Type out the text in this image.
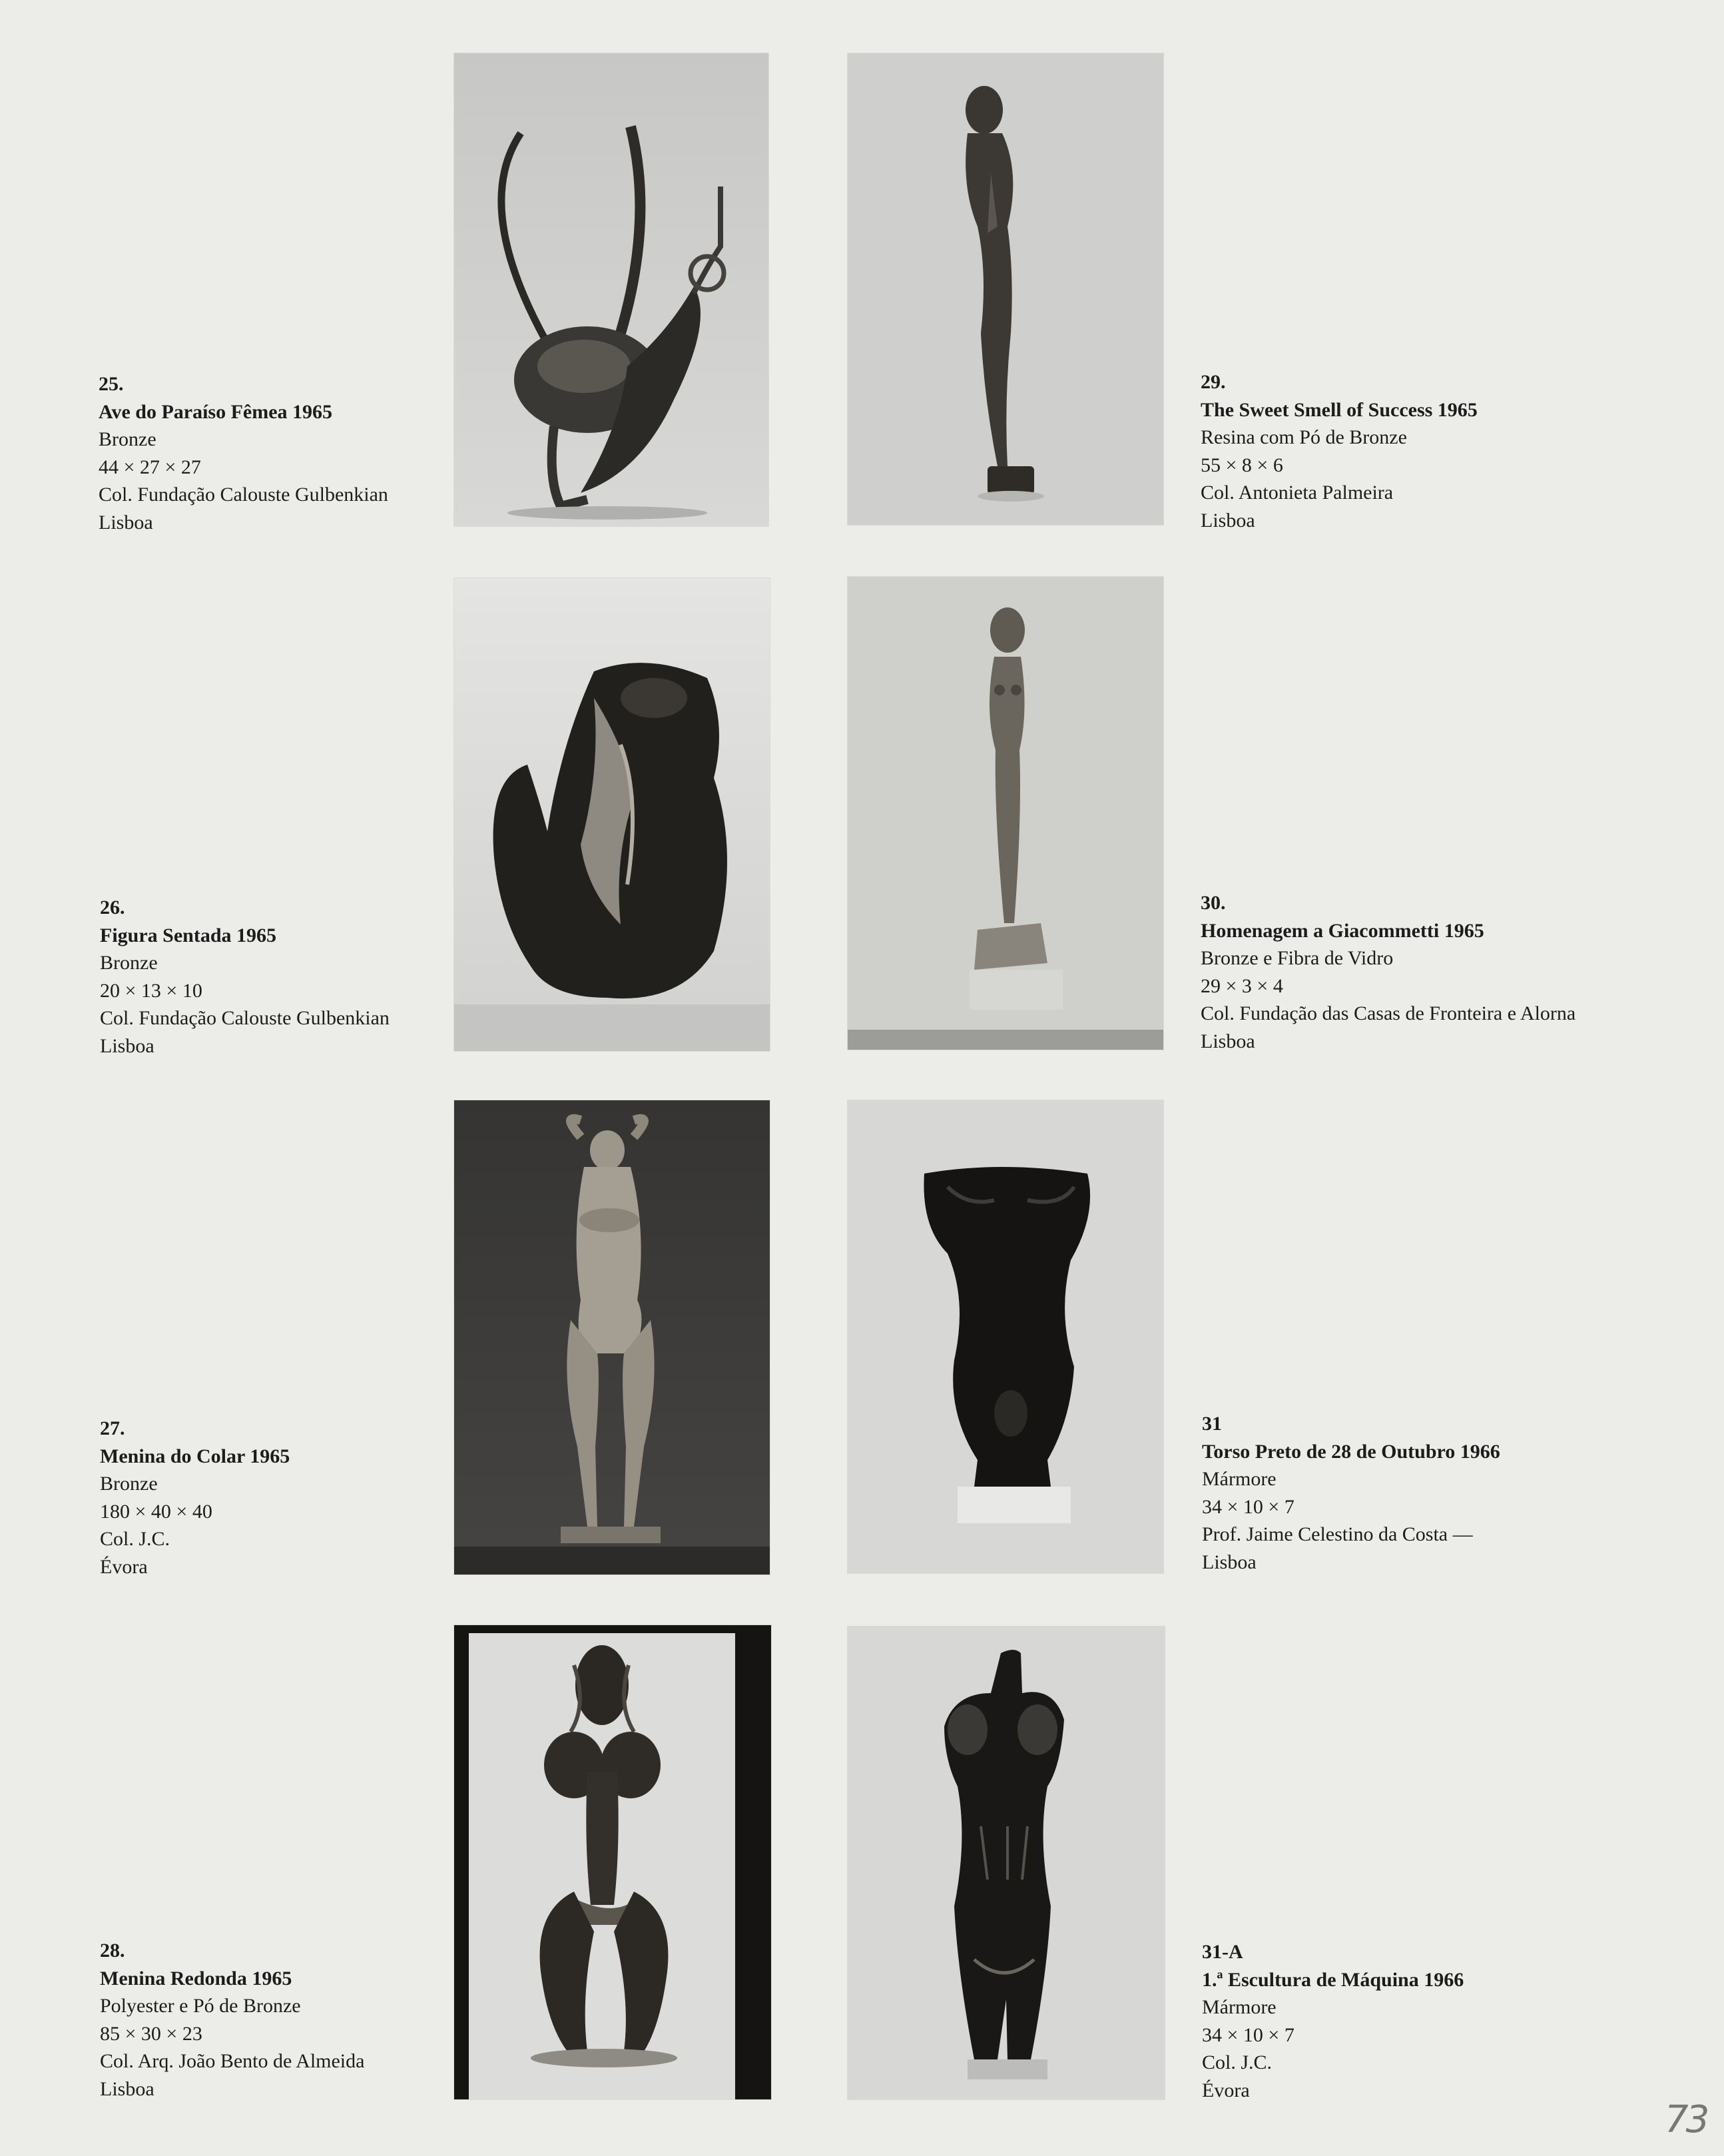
25.
Ave do Paraíso Fêmea 1965
Bronze
44 × 27 × 27
Col. Fundação Calouste Gulbenkian
Lisboa
26.
Figura Sentada 1965
Bronze
20 × 13 × 10
Col. Fundação Calouste Gulbenkian
Lisboa
27.
Menina do Colar 1965
Bronze
180 × 40 × 40
Col. J.C.
Évora
28.
Menina Redonda 1965
Polyester e Pó de Bronze
85 × 30 × 23
Col. Arq. João Bento de Almeida
Lisboa
29.
The Sweet Smell of Success 1965
Resina com Pó de Bronze
55 × 8 × 6
Col. Antonieta Palmeira
Lisboa
30.
Homenagem a Giacommetti 1965
Bronze e Fibra de Vidro
29 × 3 × 4
Col. Fundação das Casas de Fronteira e Alorna
Lisboa
31
Torso Preto de 28 de Outubro 1966
Mármore
34 × 10 × 7
Prof. Jaime Celestino da Costa —
Lisboa
31-A
1.ª Escultura de Máquina 1966
Mármore
34 × 10 × 7
Col. J.C.
Évora
73
